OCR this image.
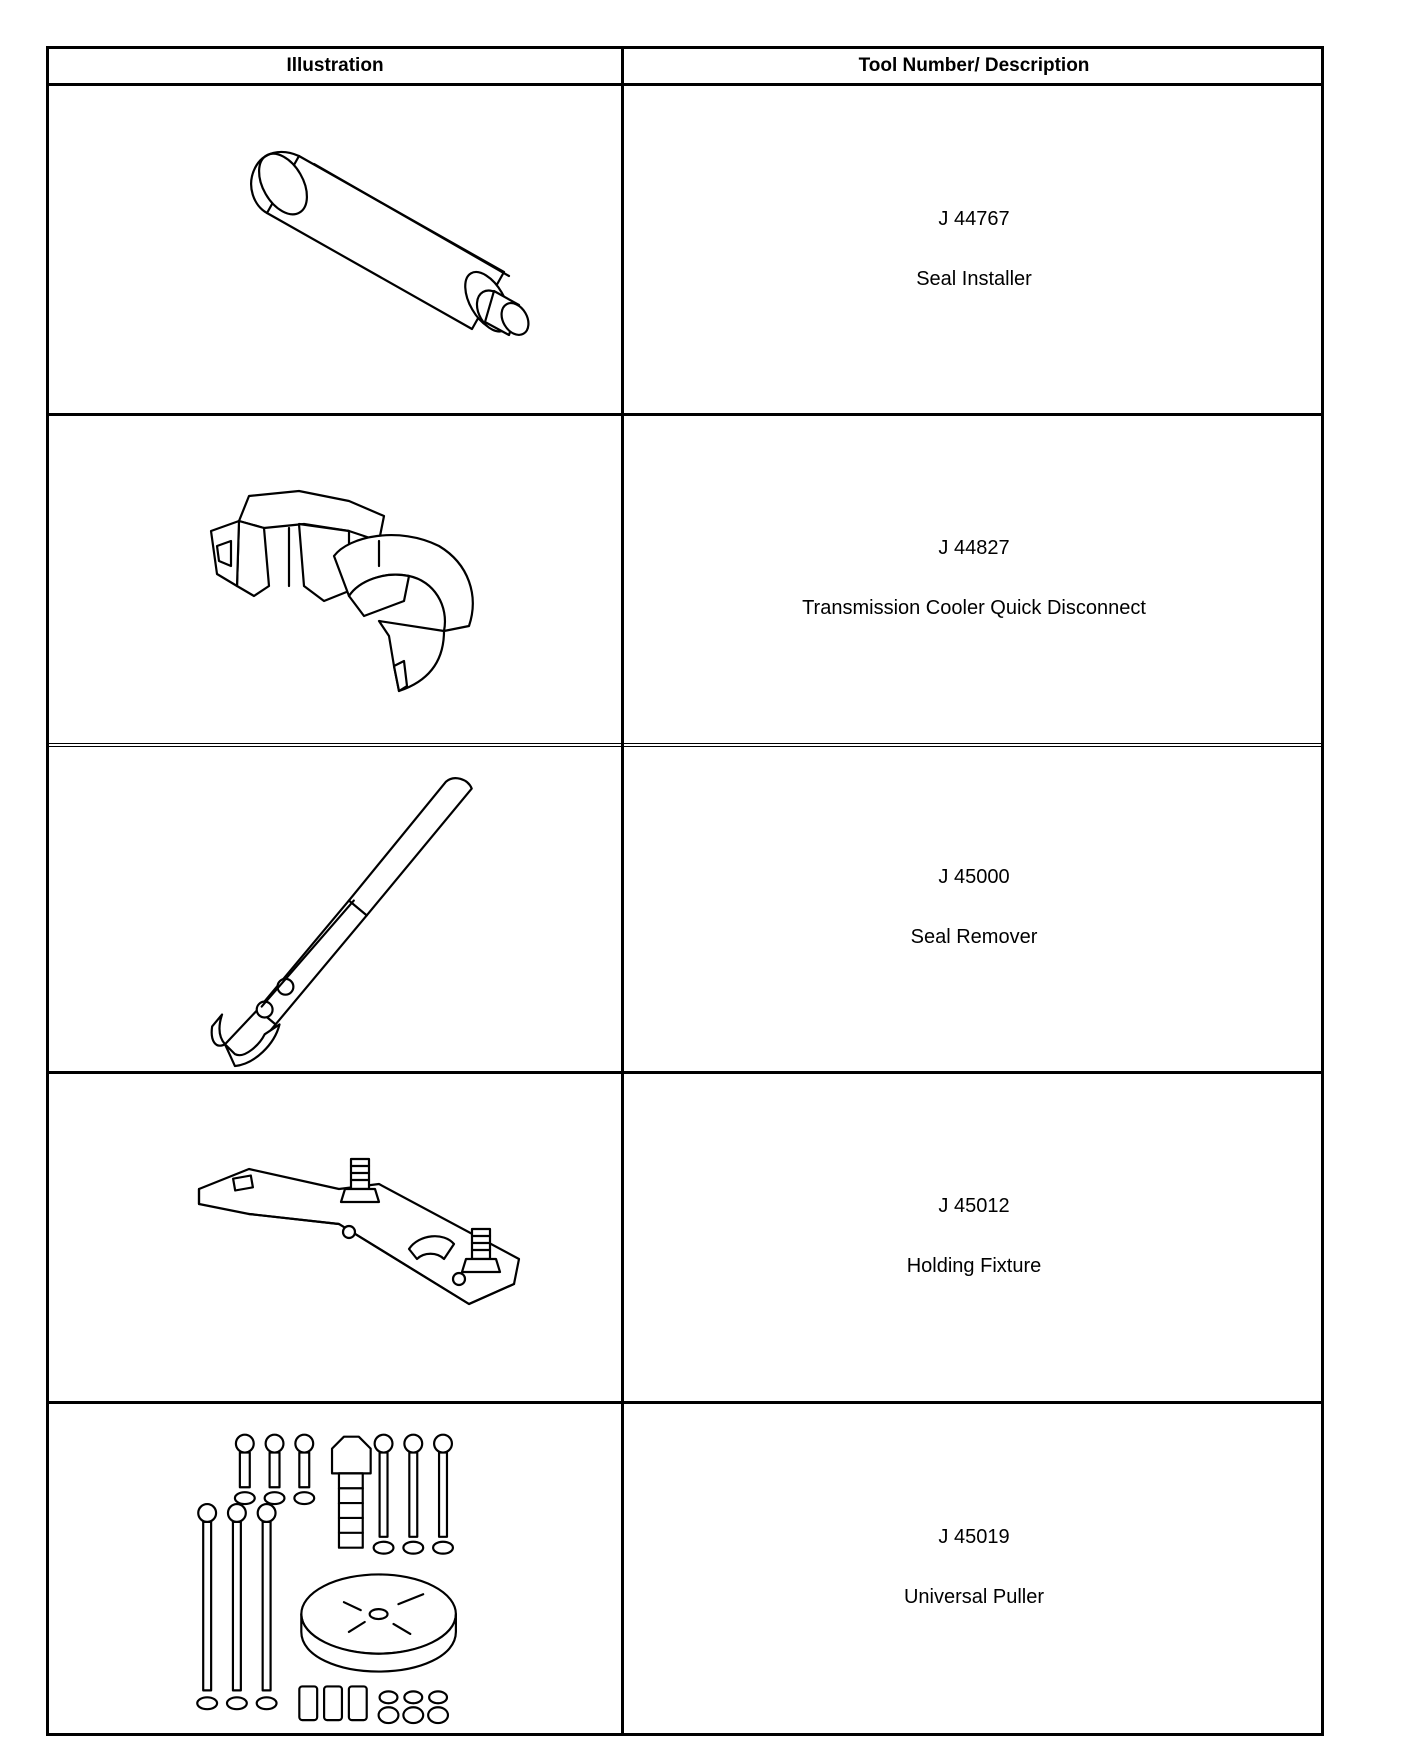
Illustration	Tool Number/ Description
J 44767
Seal Installer
J 44827
Transmission Cooler Quick Disconnect
J 45000
Seal Remover
J 45012
Holding Fixture
J 45019
Universal Puller
